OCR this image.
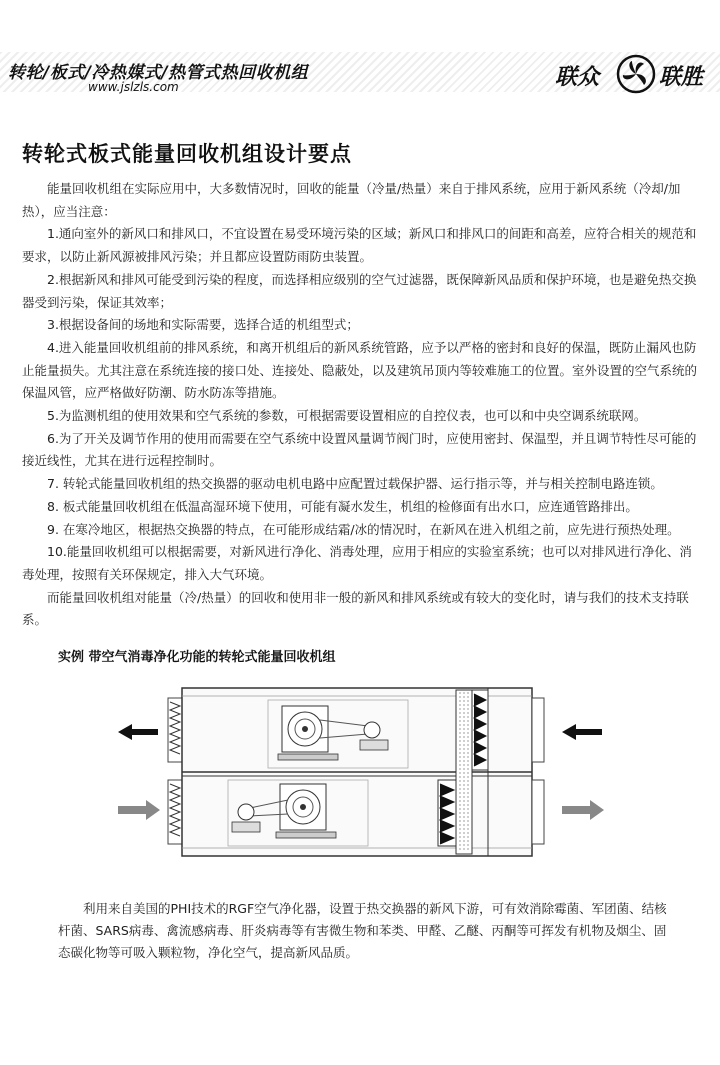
转轮/板式/冷热媒式/热管式热回收机组
www.jslzls.com	联众	联胜
转轮式板式能量回收机组设计要点

能量回收机组在实际应用中，大多数情况时，回收的能量（冷量/热量）来自于排风系统，应用于新风系统（冷却/加热），应当注意：

1.通向室外的新风口和排风口，不宜设置在易受环境污染的区域；新风口和排风口的间距和高差，应符合相关的规范和要求，以防止新风源被排风污染；并且都应设置防雨防虫装置。

2.根据新风和排风可能受到污染的程度，而选择相应级别的空气过滤器，既保障新风品质和保护环境，也是避免热交换器受到污染，保证其效率；

3.根据设备间的场地和实际需要，选择合适的机组型式；

4.进入能量回收机组前的排风系统，和离开机组后的新风系统管路，应予以严格的密封和良好的保温，既防止漏风也防止能量损失。尤其注意在系统连接的接口处、连接处、隐蔽处，以及建筑吊顶内等较难施工的位置。室外设置的空气系统的保温风管，应严格做好防潮、防水防冻等措施。

5.为监测机组的使用效果和空气系统的参数，可根据需要设置相应的自控仪表，也可以和中央空调系统联网。

6.为了开关及调节作用的使用而需要在空气系统中设置风量调节阀门时，应使用密封、保温型，并且调节特性尽可能的接近线性，尤其在进行远程控制时。

7. 转轮式能量回收机组的热交换器的驱动电机电路中应配置过载保护器、运行指示等，并与相关控制电路连锁。

8. 板式能量回收机组在低温高湿环境下使用，可能有凝水发生，机组的检修面有出水口，应连通管路排出。

9. 在寒冷地区，根据热交换器的特点，在可能形成结霜/冰的情况时，在新风在进入机组之前，应先进行预热处理。

10.能量回收机组可以根据需要，对新风进行净化、消毒处理，应用于相应的实验室系统；也可以对排风进行净化、消毒处理，按照有关环保规定，排入大气环境。

而能量回收机组对能量（冷/热量）的回收和使用非一般的新风和排风系统或有较大的变化时，请与我们的技术支持联系。

实例 带空气消毒净化功能的转轮式能量回收机组

利用来自美国的PHI技术的RGF空气净化器，设置于热交换器的新风下游，可有效消除霉菌、军团菌、结核杆菌、SARS病毒、禽流感病毒、肝炎病毒等有害微生物和苯类、甲醛、乙醚、丙酮等可挥发有机物及烟尘、固态碳化物等可吸入颗粒物，净化空气，提高新风品质。
